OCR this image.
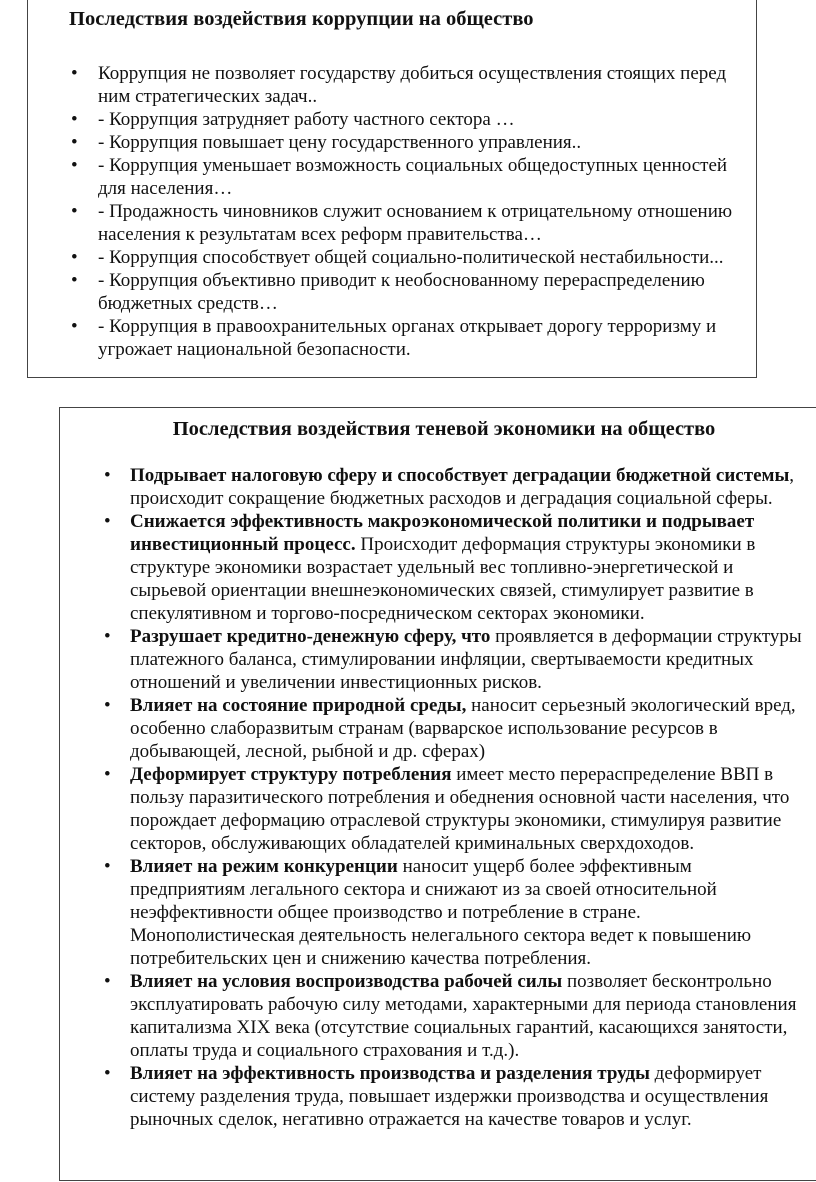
Последствия воздействия коррупции на общество
• Коррупция не позволяет государству добиться осуществления стоящих перед ним стратегических задач..
• - Коррупция затрудняет работу частного сектора …
• - Коррупция повышает цену государственного управления..
• - Коррупция уменьшает возможность социальных общедоступных ценностей для населения…
• - Продажность чиновников служит основанием к отрицательному отношению населения к результатам всех реформ правительства…
• - Коррупция способствует общей социально-политической нестабильности...
• - Коррупция объективно приводит к необоснованному перераспределению бюджетных средств…
• - Коррупция в правоохранительных органах открывает дорогу терроризму и угрожает национальной безопасности.
Последствия воздействия теневой экономики на общество
• Подрывает налоговую сферу и способствует деградации бюджетной системы, происходит сокращение бюджетных расходов и деградация социальной сферы.
• Снижается эффективность макроэкономической политики и подрывает инвестиционный процесс. Происходит деформация структуры экономики в структуре экономики возрастает удельный вес топливно-энергетической и сырьевой ориентации внешнеэкономических связей, стимулирует развитие в спекулятивном и торгово-посредническом секторах экономики.
• Разрушает кредитно-денежную сферу, что проявляется в деформации структуры платежного баланса, стимулировании инфляции, свертываемости кредитных отношений и увеличении инвестиционных рисков.
• Влияет на состояние природной среды, наносит серьезный экологический вред, особенно слаборазвитым странам (варварское использование ресурсов в добывающей, лесной, рыбной и др. сферах)
• Деформирует структуру потребления имеет место перераспределение ВВП в пользу паразитического потребления и обеднения основной части населения, что порождает деформацию отраслевой структуры экономики, стимулируя развитие секторов, обслуживающих обладателей криминальных сверхдоходов.
• Влияет на режим конкуренции наносит ущерб более эффективным предприятиям легального сектора и снижают из за своей относительной неэффективности общее производство и потребление в стране. Монополистическая деятельность нелегального сектора ведет к повышению потребительских цен и снижению качества потребления.
• Влияет на условия воспроизводства рабочей силы позволяет бесконтрольно эксплуатировать рабочую силу методами, характерными для периода становления капитализма XIX века (отсутствие социальных гарантий, касающихся занятости, оплаты труда и социального страхования и т.д.).
• Влияет на эффективность производства и разделения труды деформирует систему разделения труда, повышает издержки производства и осуществления рыночных сделок, негативно отражается на качестве товаров и услуг.
